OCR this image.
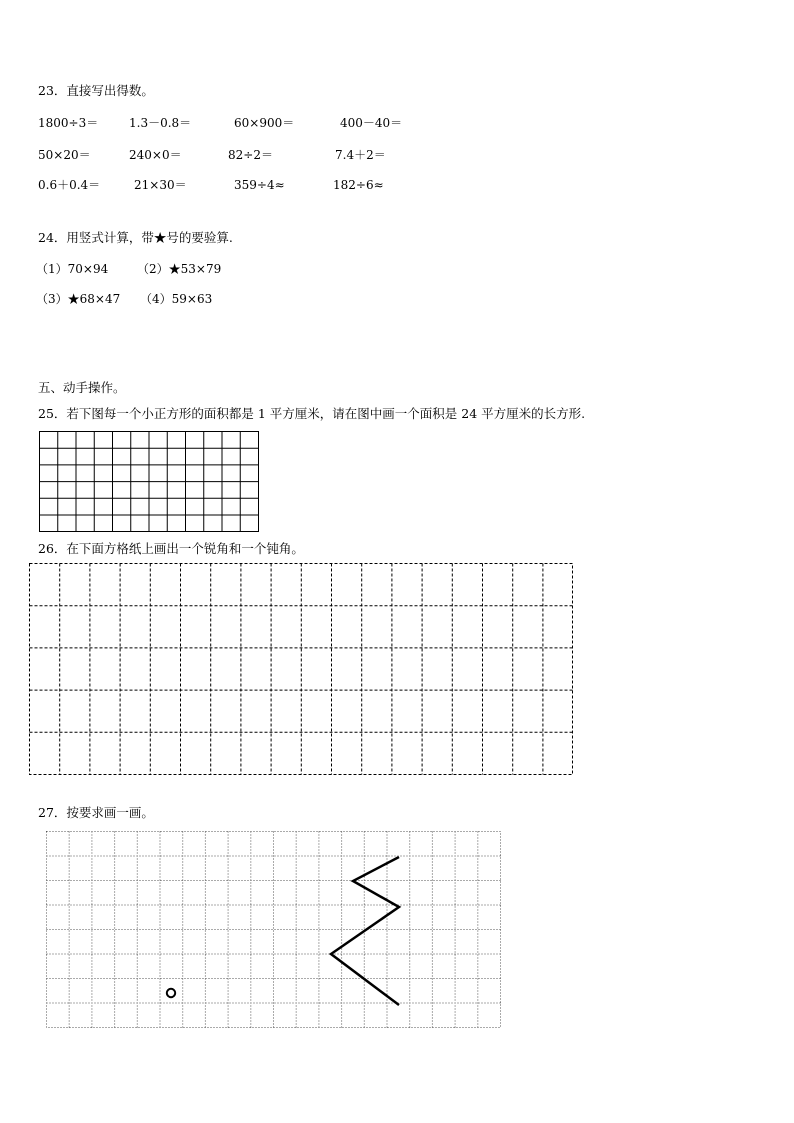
23．直接写出得数。
1800÷3＝	1.3－0.8＝	60×900＝	400－40＝
50×20＝	240×0＝	82÷2＝	7.4＋2＝
0.6＋0.4＝	21×30＝	359÷4≈	182÷6≈
24．用竖式计算，带★号的要验算.
（1）70×94 （2）★53×79
（3）★68×47 （4）59×63
五、动手操作。
25．若下图每一个小正方形的面积都是 1 平方厘米，请在图中画一个面积是 24 平方厘米的长方形.
26．在下面方格纸上画出一个锐角和一个钝角。
27．按要求画一画。
